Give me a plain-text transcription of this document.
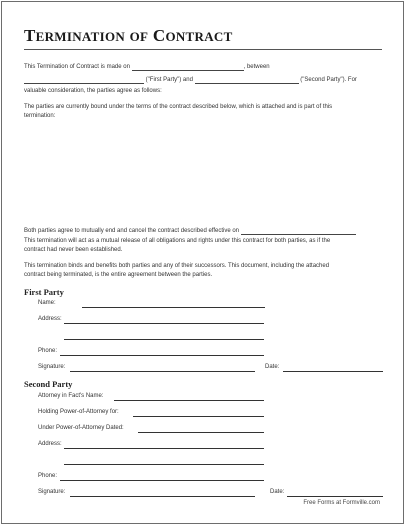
TERMINATION OF CONTRACT
This Termination of Contract is made on	, between
("First Party") and	("Second Party"). For
valuable consideration, the parties agree as follows:
The parties are currently bound under the terms of the contract described below, which is attached and is part of this
termination:
Both parties agree to mutually end and cancel the contract described effective on
This termination will act as a mutual release of all obligations and rights under this contract for both parties, as if the
contract had never been established.
This termination binds and benefits both parties and any of their successors. This document, including the attached
contract being terminated, is the entire agreement between the parties.
First Party
Name:
Address:
Phone:
Signature:	Date:
Second Party
Attorney in Fact's Name:
Holding Power-of-Attorney for:
Under Power-of-Attorney Dated:
Address:
Phone:
Signature:	Date:
Free Forms at Formville.com
